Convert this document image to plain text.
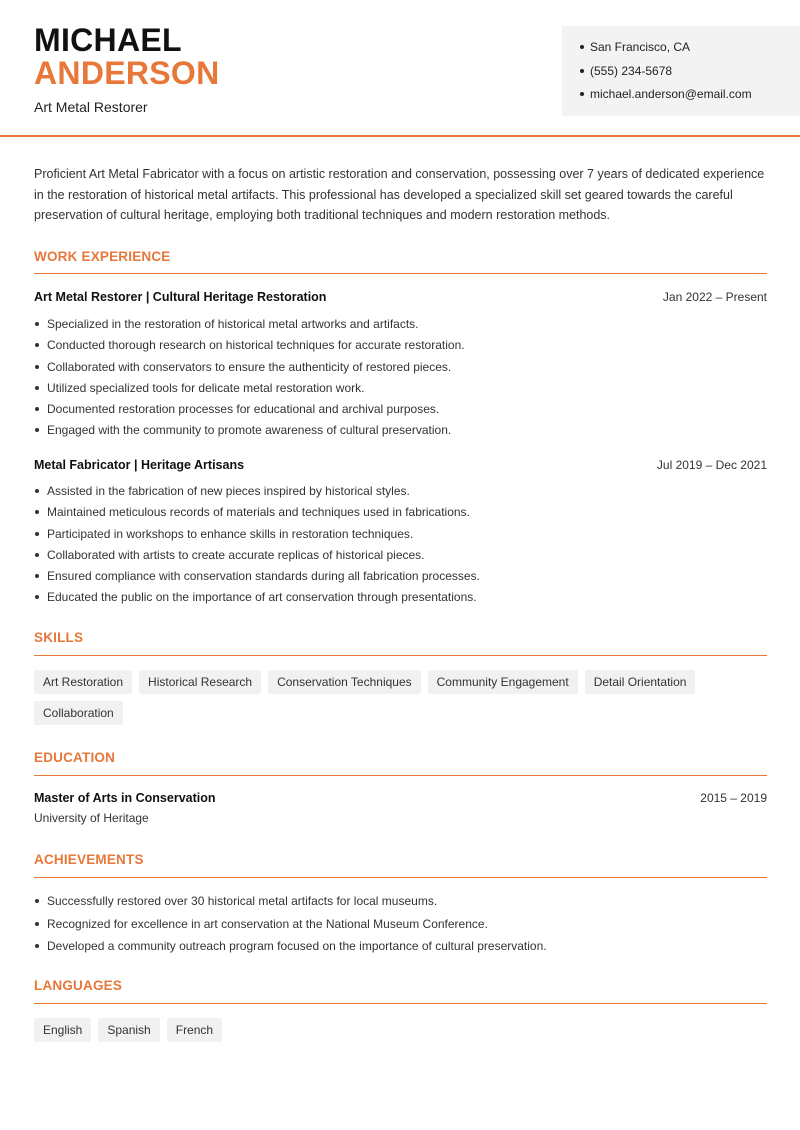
MICHAEL
ANDERSON
Art Metal Restorer
San Francisco, CA
(555) 234-5678
michael.anderson@email.com

Proficient Art Metal Fabricator with a focus on artistic restoration and conservation, possessing over 7 years of dedicated experience in the restoration of historical metal artifacts. This professional has developed a specialized skill set geared towards the careful preservation of cultural heritage, employing both traditional techniques and modern restoration methods.

WORK EXPERIENCE
Art Metal Restorer | Cultural Heritage Restoration	Jan 2022 – Present
Specialized in the restoration of historical metal artworks and artifacts.
Conducted thorough research on historical techniques for accurate restoration.
Collaborated with conservators to ensure the authenticity of restored pieces.
Utilized specialized tools for delicate metal restoration work.
Documented restoration processes for educational and archival purposes.
Engaged with the community to promote awareness of cultural preservation.
Metal Fabricator | Heritage Artisans	Jul 2019 – Dec 2021
Assisted in the fabrication of new pieces inspired by historical styles.
Maintained meticulous records of materials and techniques used in fabrications.
Participated in workshops to enhance skills in restoration techniques.
Collaborated with artists to create accurate replicas of historical pieces.
Ensured compliance with conservation standards during all fabrication processes.
Educated the public on the importance of art conservation through presentations.
SKILLS
Art Restoration	Historical Research	Conservation Techniques	Community Engagement	Detail Orientation
Collaboration
EDUCATION
Master of Arts in Conservation	2015 – 2019
University of Heritage
ACHIEVEMENTS
Successfully restored over 30 historical metal artifacts for local museums.
Recognized for excellence in art conservation at the National Museum Conference.
Developed a community outreach program focused on the importance of cultural preservation.
LANGUAGES
English	Spanish	French
